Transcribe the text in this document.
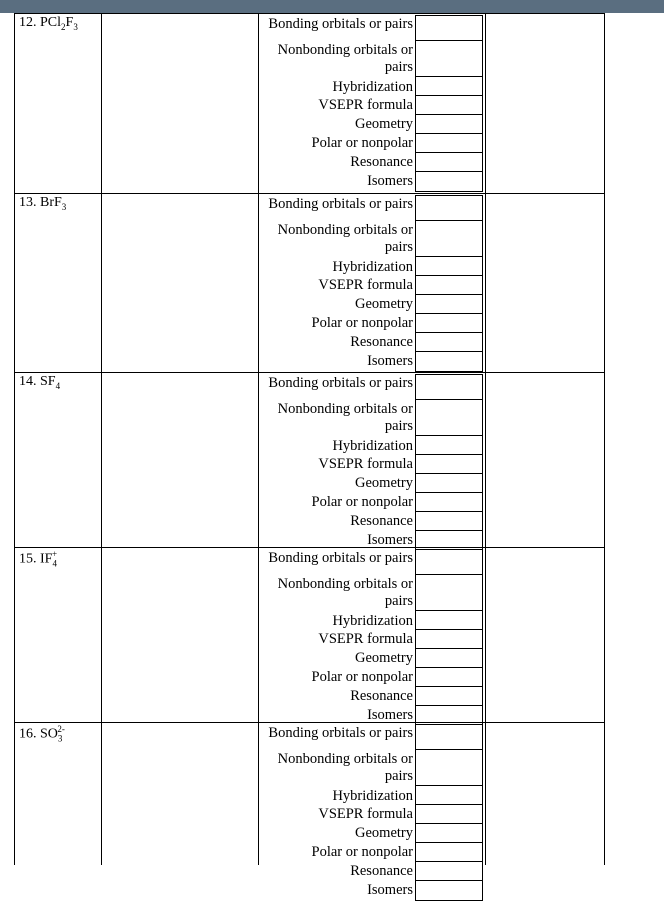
12. $PCl_2F_3$	Bonding orbitals or pairs
Nonbonding orbitals or
pairs
Hybridization
VSEPR formula
Geometry
Polar or nonpolar
Resonance
Isomers
13. BrF$_3$	Bonding orbitals or pairs
Nonbonding orbitals or
pairs
Hybridization
VSEPR formula
Geometry
Polar or nonpolar
Resonance
Isomers
14. $SF_4$	Bonding orbitals or pairs
Nonbonding orbitals or
pairs
Hybridization
VSEPR formula
Geometry
Polar or nonpolar
Resonance
Isomers
15. $IF_4^+$	Bonding orbitals or pairs
Nonbonding orbitals or
pairs
Hybridization
VSEPR formula
Geometry
Polar or nonpolar
Resonance
Isomers
16. $SO_3^{2-}$	Bonding orbitals or pairs
Nonbonding orbitals or
pairs
Hybridization
VSEPR formula
Geometry
Polar or nonpolar
Resonance
Isomers
